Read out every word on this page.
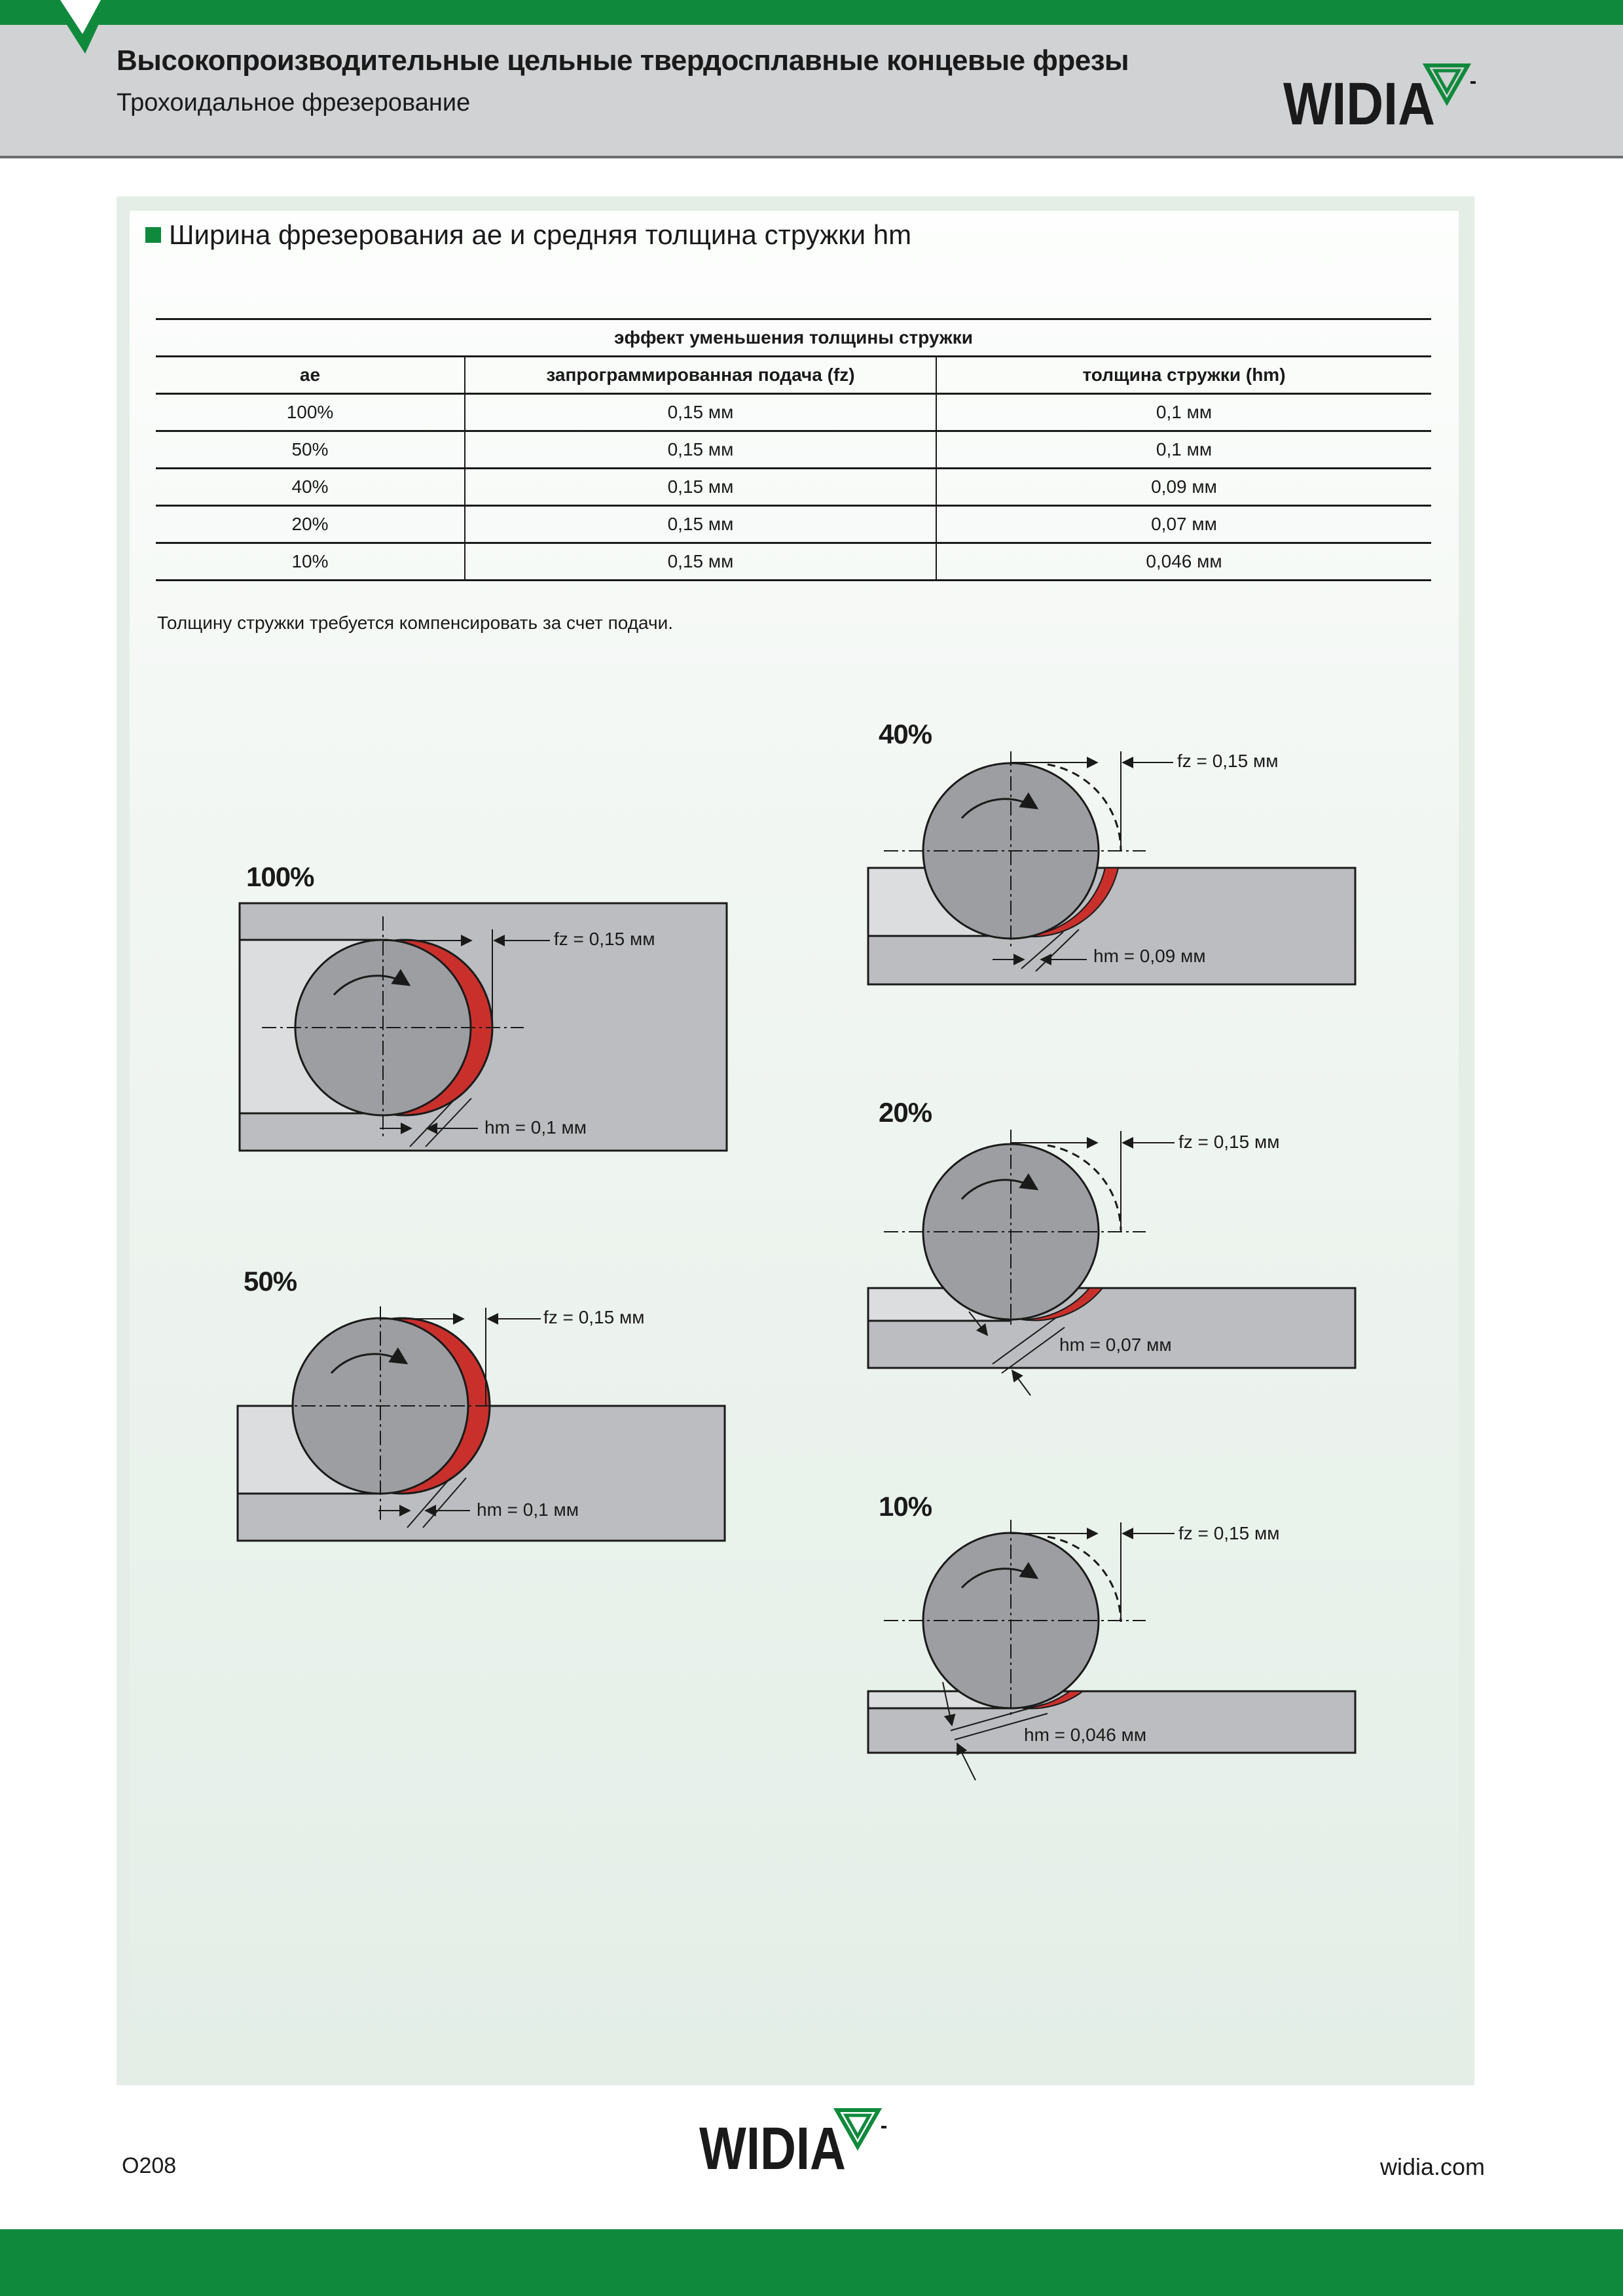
Высокопроизводительные цельные твердосплавные концевые фрезы
Трохоидальное фрезерование	WIDIA
Ширина фрезерования ae и средняя толщина стружки hm
эффект уменьшения толщины стружки		
ae	запрограммированная подача (fz)	толщина стружки (hm)
100%	0,15 мм	0,1 мм
50%	0,15 мм	0,1 мм
40%	0,15 мм	0,09 мм
20%	0,15 мм	0,07 мм
10%	0,15 мм	0,046 мм
Толщину стружки требуется компенсировать за счет подачи.
100%
fz = 0,15 мм
hm = 0,1 мм
50%
fz = 0,15 мм
hm = 0,1 мм
40%
fz = 0,15 мм
hm = 0,09 мм
20%
fz = 0,15 мм
hm = 0,07 мм
10%
fz = 0,15 мм
hm = 0,046 мм
WIDIA
O208	widia.com
